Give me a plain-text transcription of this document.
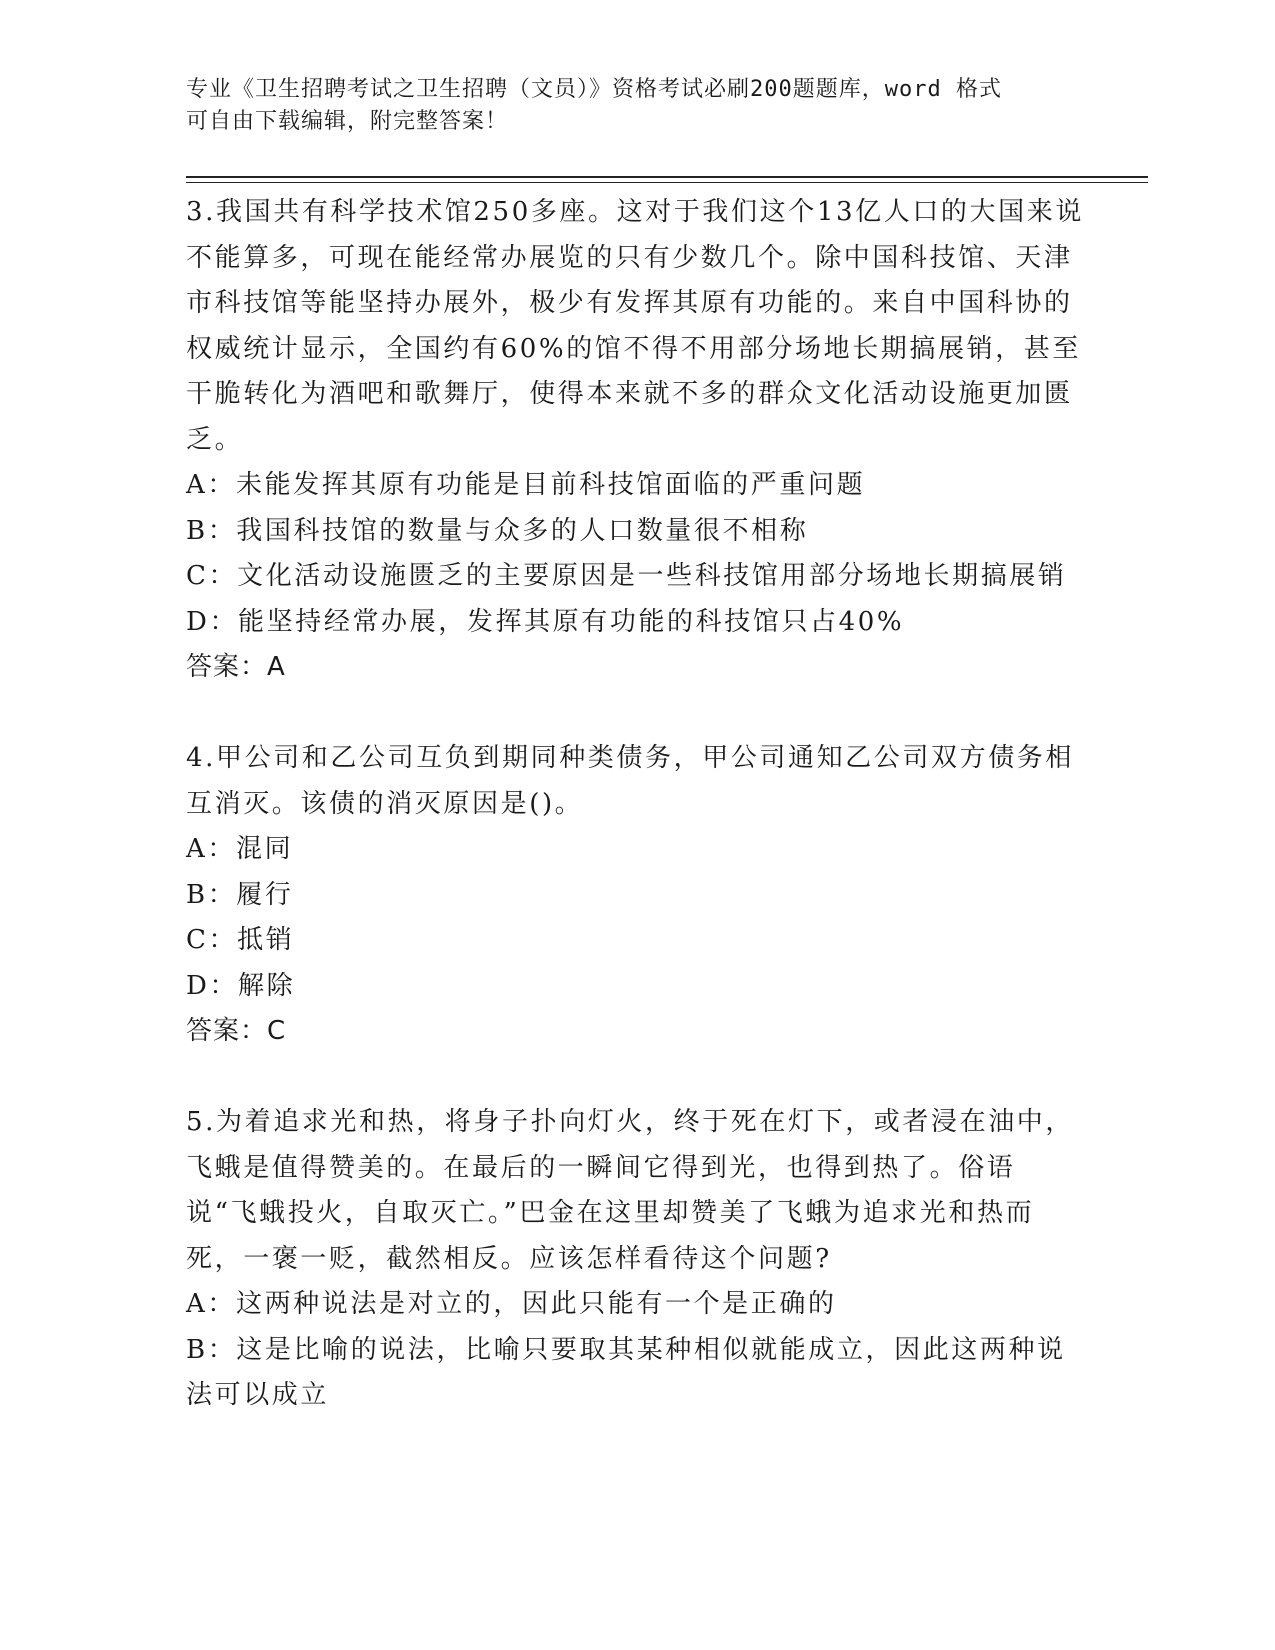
专业《卫生招聘考试之卫生招聘（文员）》资格考试必刷200题题库，word 格式
可自由下载编辑，附完整答案！
3.我国共有科学技术馆250多座。这对于我们这个13亿人口的大国来说不能算多，可现在能经常办展览的只有少数几个。除中国科技馆、天津市科技馆等能坚持办展外，极少有发挥其原有功能的。来自中国科协的权威统计显示，全国约有60%的馆不得不用部分场地长期搞展销，甚至干脆转化为酒吧和歌舞厅，使得本来就不多的群众文化活动设施更加匮乏。
A：未能发挥其原有功能是目前科技馆面临的严重问题
B：我国科技馆的数量与众多的人口数量很不相称
C：文化活动设施匮乏的主要原因是一些科技馆用部分场地长期搞展销
D：能坚持经常办展，发挥其原有功能的科技馆只占40%
答案：A
4.甲公司和乙公司互负到期同种类债务，甲公司通知乙公司双方债务相互消灭。该债的消灭原因是()。
A：混同
B：履行
C：抵销
D：解除
答案：C
5.为着追求光和热，将身子扑向灯火，终于死在灯下，或者浸在油中，飞蛾是值得赞美的。在最后的一瞬间它得到光，也得到热了。俗语说“飞蛾投火，自取灭亡。”巴金在这里却赞美了飞蛾为追求光和热而死，一褒一贬，截然相反。应该怎样看待这个问题?
A：这两种说法是对立的，因此只能有一个是正确的
B：这是比喻的说法，比喻只要取其某种相似就能成立，因此这两种说法可以成立
